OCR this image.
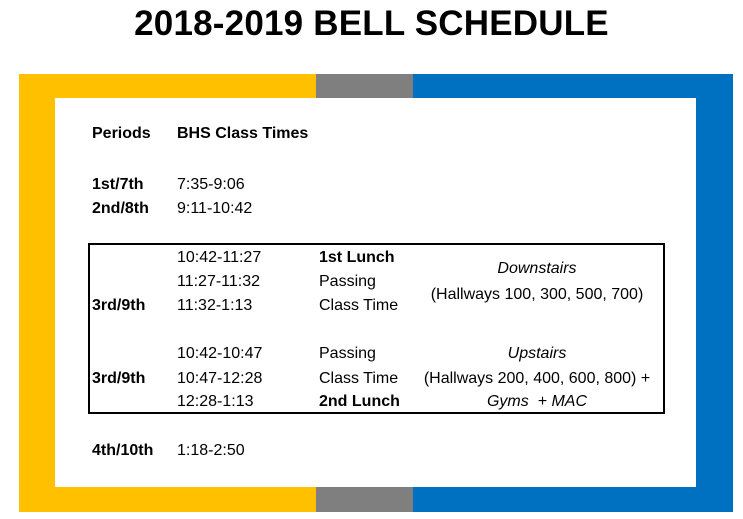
2018-2019 BELL SCHEDULE
Periods BHS Class Times
1st/7th 7:35-9:06
2nd/8th 9:11-10:42
10:42-11:27	1st Lunch
11:27-11:32	Passing
3rd/9th 11:32-1:13	Class Time
Downstairs
(Hallways 100, 300, 500, 700)
10:42-10:47	Passing	Upstairs
3rd/9th 10:47-12:28	Class Time	(Hallways 200, 400, 600, 800) +
12:28-1:13	2nd Lunch	Gyms  + MAC
4th/10th 1:18-2:50
